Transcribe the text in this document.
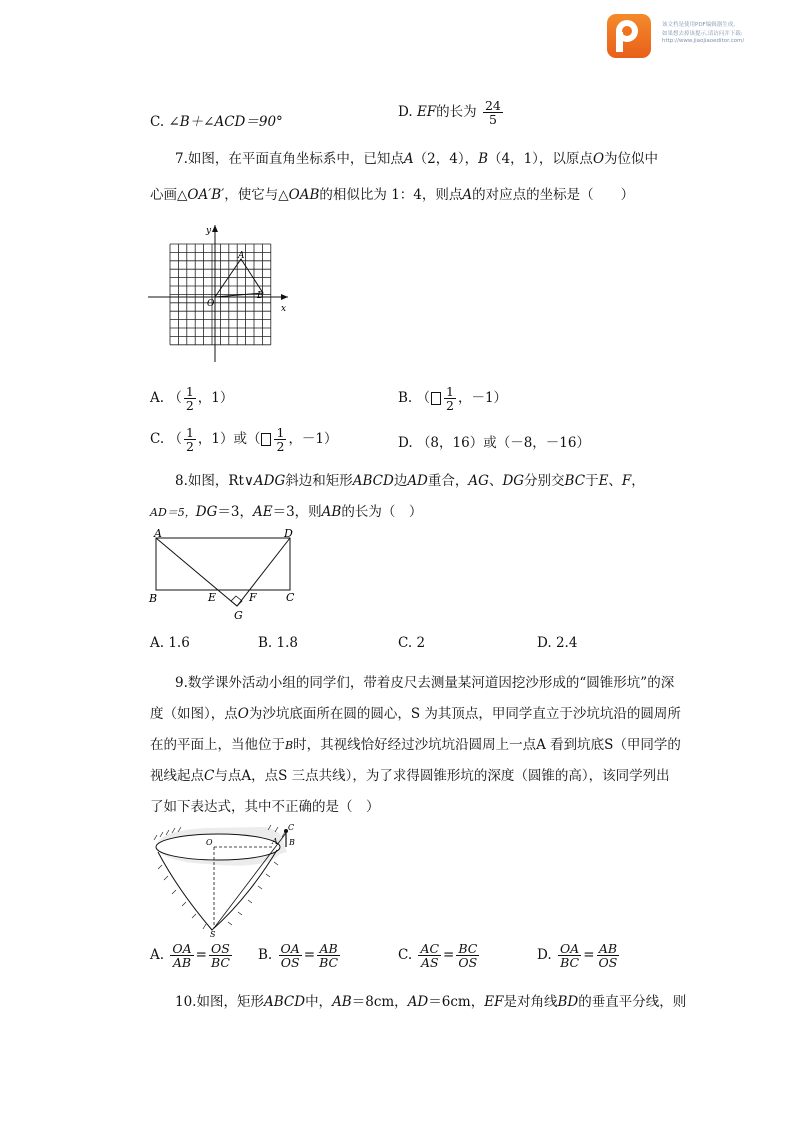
该文档是使用PDF编辑器生成,
如果想去掉该提示,请访问并下载:
http://www.jiaojiaoeditor.com/
C. ∠B＋∠ACD＝90°
D. EF的长为 $\frac{24}{5}$
7.如图，在平面直角坐标系中，已知点A（2，4），B（4，1），以原点O为位似中
心画△OA′B′，使它与△OAB的相似比为 1：4，则点A的对应点的坐标是（　　）
y
x
A
B
O
A. （ $\frac{1}{2}$ ，1）	B. （ $\frac{1}{2}$ ，－1）
C. （ $\frac{1}{2}$ ，1）或（ $\frac{1}{2}$ ，－1）	D. （8，16）或（－8，－16）
8.如图，Rt∨ADG斜边和矩形ABCD边AD重合，AG、DG分别交BC于E、F，
AD＝5，DG＝3，AE＝3，则AB的长为（　）
A	D
B	E	F	C
G
A. 1.6	B. 1.8	C. 2	D. 2.4
9.数学课外活动小组的同学们，带着皮尺去测量某河道因挖沙形成的“圆锥形坑”的深
度（如图），点O为沙坑底面所在圆的圆心，S 为其顶点，甲同学直立于沙坑坑沿的圆周所
在的平面上，当他位于B时，其视线恰好经过沙坑坑沿圆周上一点A 看到坑底S（甲同学的
视线起点C与点A，点S 三点共线），为了求得圆锥形坑的深度（圆锥的高），该同学列出
了如下表达式，其中不正确的是（　）
C
B
O	A
S
A. $\frac{OA}{AB} = \frac{OS}{BC} B$. $\frac{OA}{OS} = \frac{AB}{BC}$	C. $\frac{AC}{AS} = \frac{BC}{OS}$	D. $\frac{OA}{BC} = \frac{AB}{OS}$
10.如图，矩形ABCD中，AB＝8cm，AD＝6cm，EF是对角线BD的垂直平分线，则
